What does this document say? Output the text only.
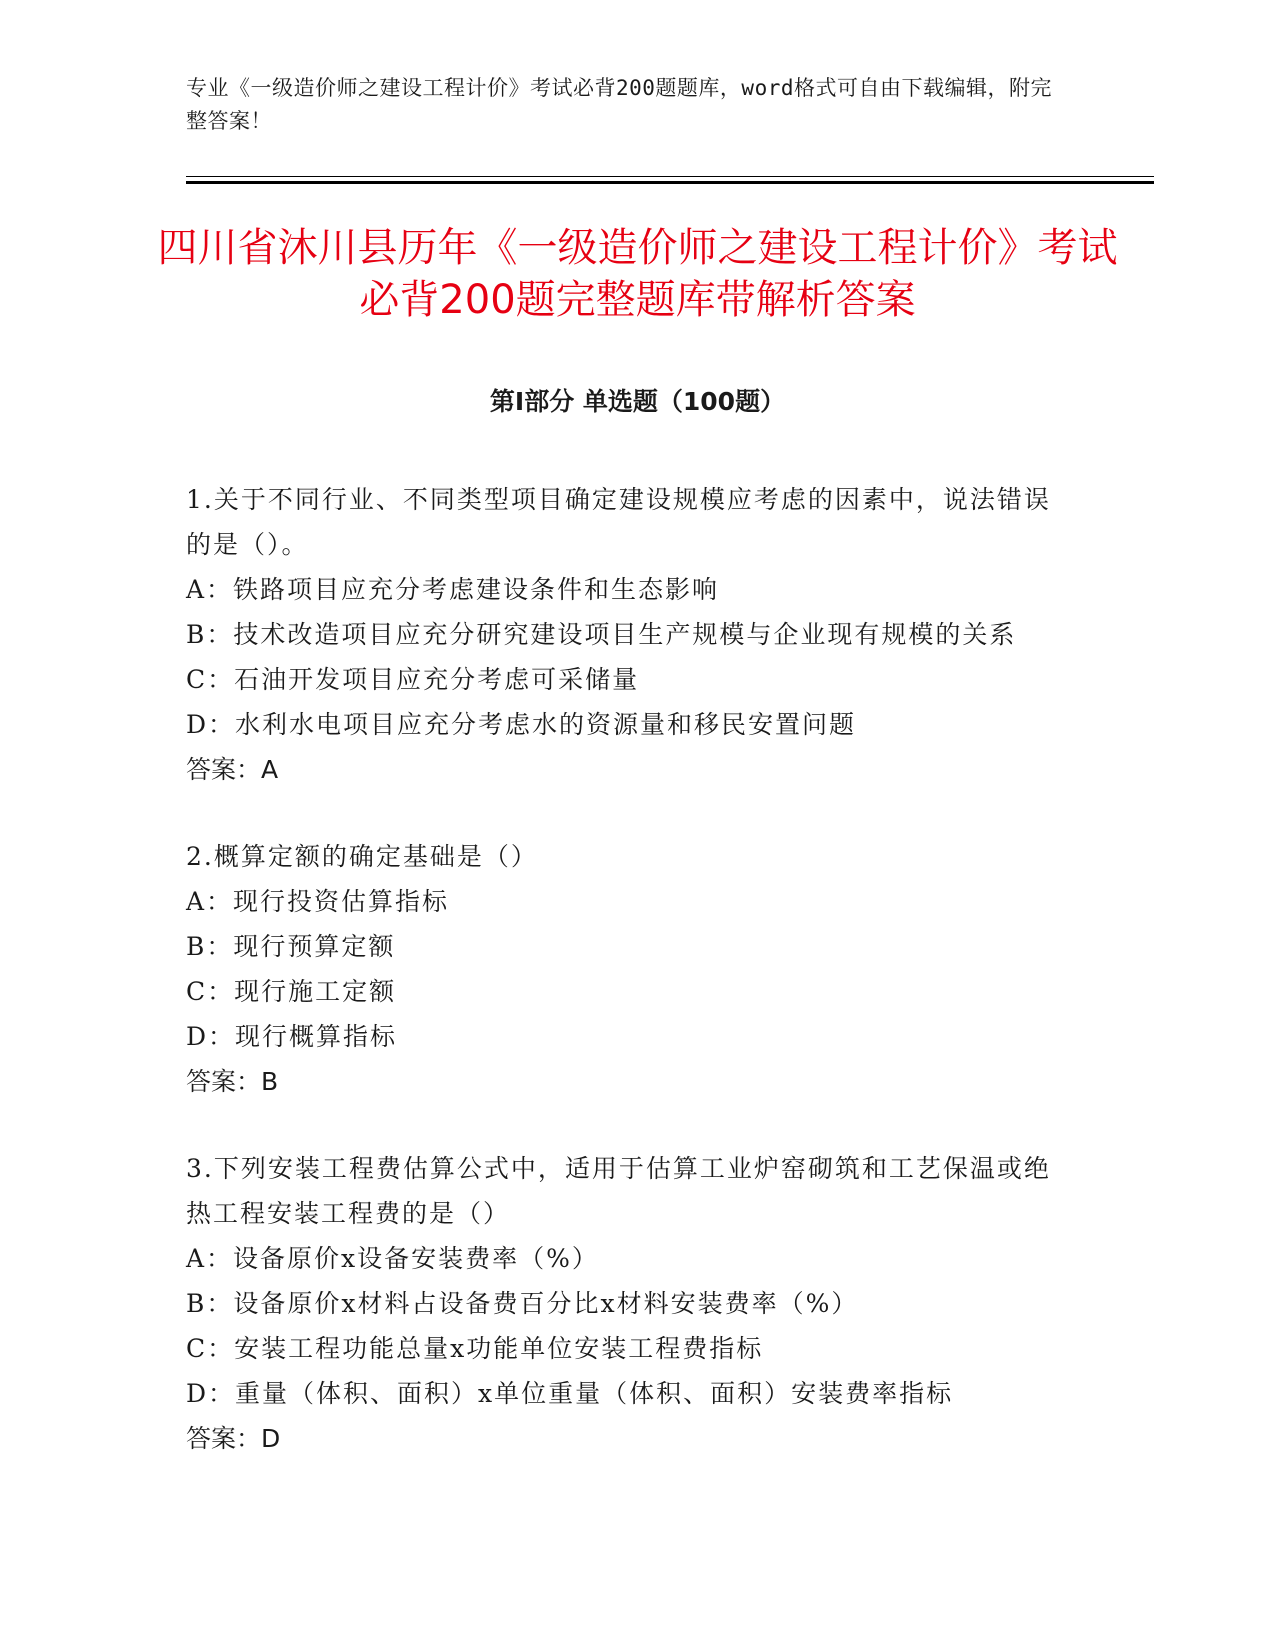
专业《一级造价师之建设工程计价》考试必背200题题库，word格式可自由下载编辑，附完整答案！
四川省沐川县历年《一级造价师之建设工程计价》考试必背200题完整题库带解析答案
第Ⅰ部分 单选题（100题）

1.关于不同行业、不同类型项目确定建设规模应考虑的因素中，说法错误的是（）。

A：铁路项目应充分考虑建设条件和生态影响

B：技术改造项目应充分研究建设项目生产规模与企业现有规模的关系

C：石油开发项目应充分考虑可采储量

D：水利水电项目应充分考虑水的资源量和移民安置问题

答案：A

2.概算定额的确定基础是（）

A：现行投资估算指标

B：现行预算定额

C：现行施工定额

D：现行概算指标

答案：B

3.下列安装工程费估算公式中，适用于估算工业炉窑砌筑和工艺保温或绝热工程安装工程费的是（）

A：设备原价x设备安装费率（%）

B：设备原价x材料占设备费百分比x材料安装费率（%）

C：安装工程功能总量x功能单位安装工程费指标

D：重量（体积、面积）x单位重量（体积、面积）安装费率指标

答案：D
